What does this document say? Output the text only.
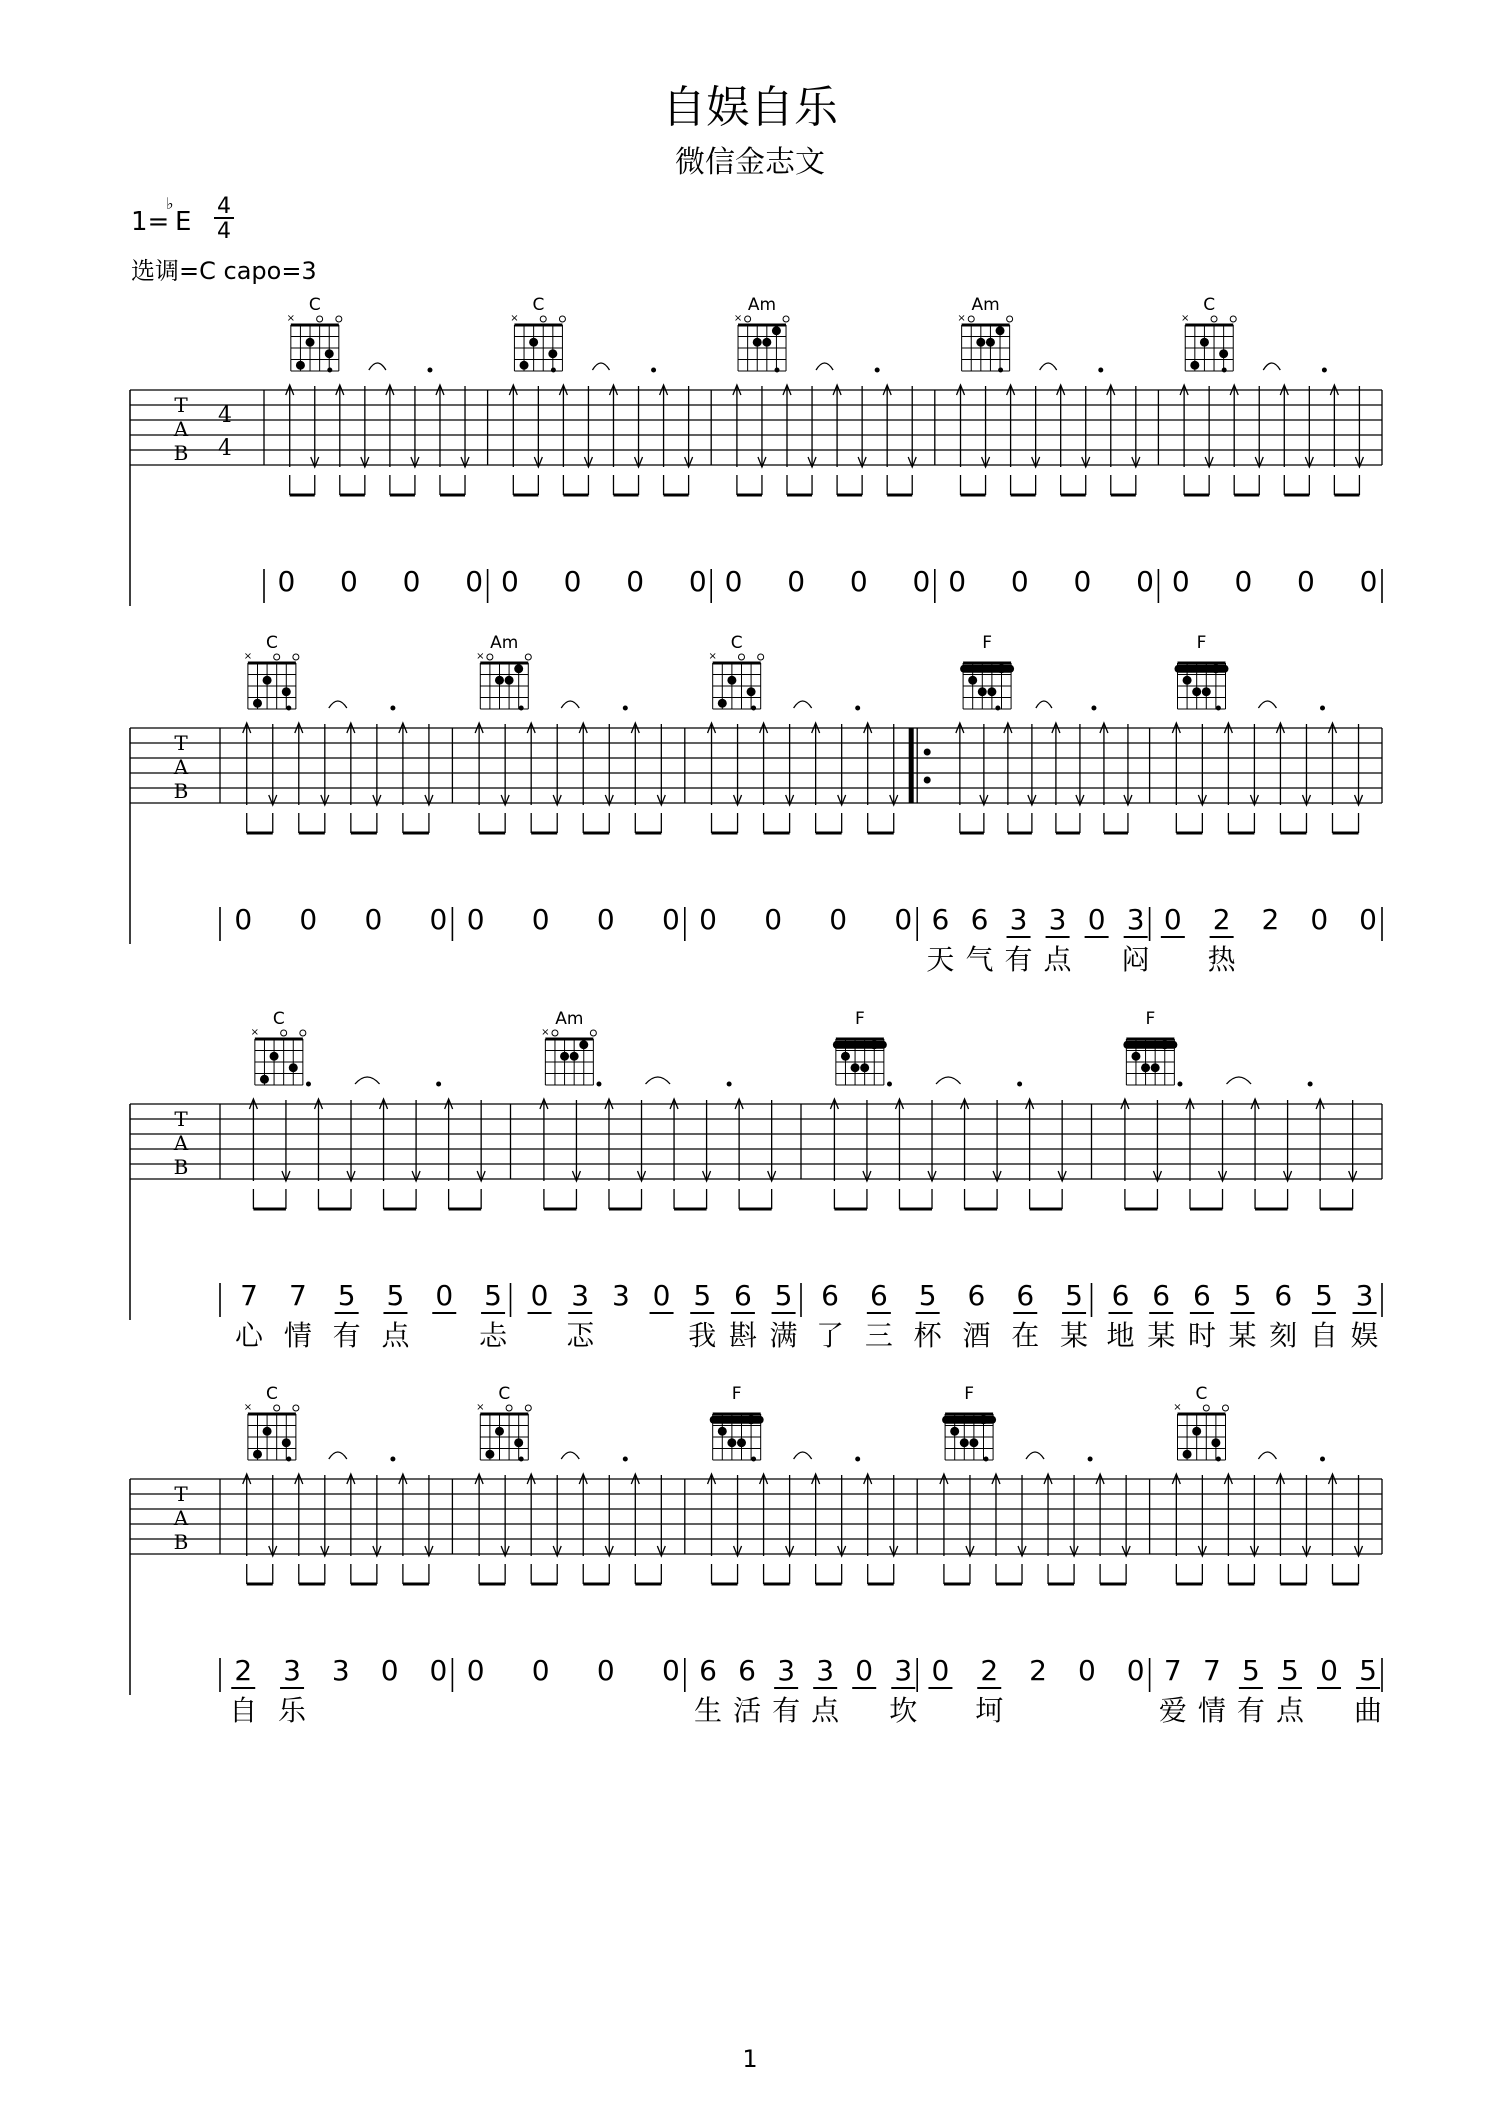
自娱自乐
微信金志文
1=
♭
E
4
4
选调=C capo=3
T
A
B
4
4
C
×
0 0 0 0
C
×
0 0 0 0
Am
×
0 0 0 0
Am
×
0 0 0 0
C
×
0 0 0 0
T
A
B
C
×
0 0 0 0
Am
×
0 0 0 0
C
×
0 0 0 0
F
6
天
6
气
3
有
3
点
0 3
闷
F
0 2
热
2 0 0
T
A
B
C
×
7
心
7
情
5
有
5
点
0 5
忐
Am
×
0 3
忑
3 0 5
我
6
斟
5
满
F
6
了
6
三
5
杯
6
酒
6
在
5
某
F
6
地
6
某
6
时
5
某
6
刻
5
自
3
娱
T
A
B
C
×
2
自
3
乐
3 0 0
C
×
0 0 0 0
F
6
生
6
活
3
有
3
点
0 3
坎
F
0 2
坷
2 0 0
C
×
7
爱
7
情
5
有
5
点
0 5
曲
1
